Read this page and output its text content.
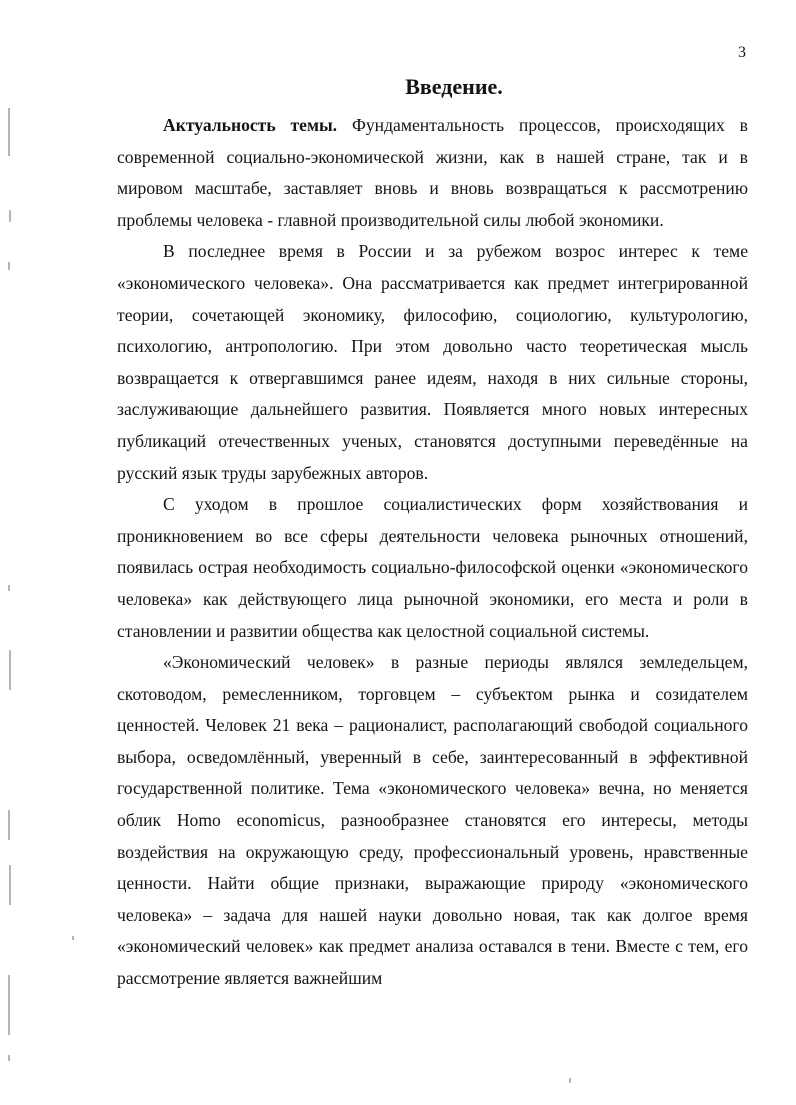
3
Введение.

Актуальность темы. Фундаментальность процессов, происходящих в современной социально-экономической жизни, как в нашей стране, так и в мировом масштабе, заставляет вновь и вновь возвращаться к рассмотрению проблемы человека - главной производительной силы любой экономики.

В последнее время в России и за рубежом возрос интерес к теме «экономического человека». Она рассматривается как предмет интегрированной теории, сочетающей экономику, философию, социологию, культурологию, психологию, антропологию. При этом довольно часто теоретическая мысль возвращается к отвергавшимся ранее идеям, находя в них сильные стороны, заслуживающие дальнейшего развития. Появляется много новых интересных публикаций отечественных ученых, становятся доступными переведённые на русский язык труды зарубежных авторов.

С уходом в прошлое социалистических форм хозяйствования и проникновением во все сферы деятельности человека рыночных отношений, появилась острая необходимость социально-философской оценки «экономического человека» как действующего лица рыночной экономики, его места и роли в становлении и развитии общества как целостной социальной системы.

«Экономический человек» в разные периоды являлся земледельцем, скотоводом, ремесленником, торговцем – субъектом рынка и созидателем ценностей. Человек 21 века – рационалист, располагающий свободой социального выбора, осведомлённый, уверенный в себе, заинтересованный в эффективной государственной политике. Тема «экономического человека» вечна, но меняется облик Homo economicus, разнообразнее становятся его интересы, методы воздействия на окружающую среду, профессиональный уровень, нравственные ценности. Найти общие признаки, выражающие природу «экономического человека» – задача для нашей науки довольно новая, так как долгое время «экономический человек» как предмет анализа оставался в тени. Вместе с тем, его рассмотрение является важнейшим
